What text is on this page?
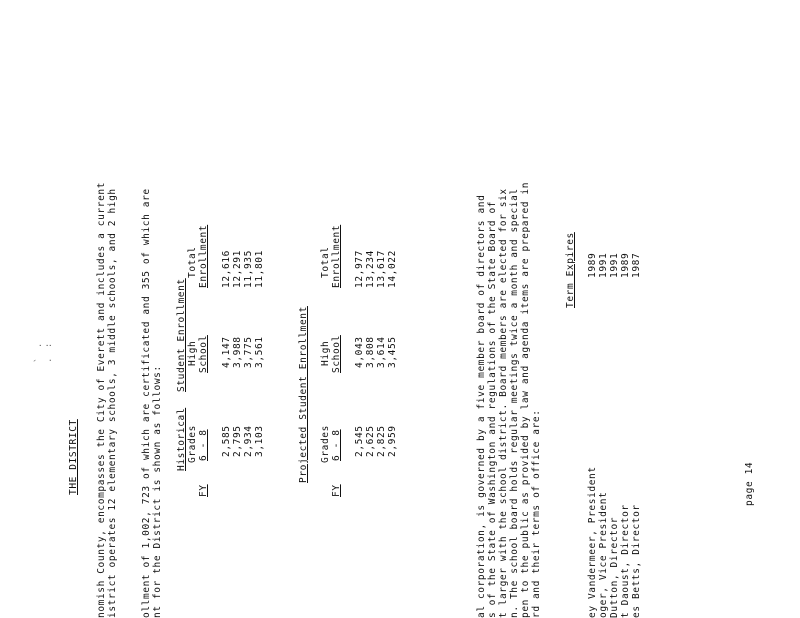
` .
. :
THE DISTRICT nomish County, encompasses the City of Everett and includes a current istrict operates 12 elementary schools, 3 middle schools, and 2 high ollment of 1,002, 723 of which are certificated and 355 of which are nt for the District is shown as follows: Historical
Student Enrollment
Grades
High
Total
FY
6 - 8
School
Enrollment
2,585
4,147
12,616
2,795
3,988
12,291
2,934
3,775
11,935
3,103
3,561
11,801
Projected Student Enrollment Grades
High
Total
FY
6 - 8
School
Enrollment
2,545
4,043
12,977
2,625
3,808
13,234
2,825
3,614
13,617
2,959
3,455
14,022	al corporation, is governed by a five member board of directors and s of the State of Washington and regulations of the State Board of t larger with the school district. Board members are elected for six n. The school board holds regular meetings twice a month and special pen to the public as provided by law and agenda items are prepared in rd and their terms of office are:
Term Expires
ey Vandermeer, President
1989
oger, Vice President
1991
Dutton, Director
1991
t Daoust, Director
1989
es Betts, Director
1987
page 14
